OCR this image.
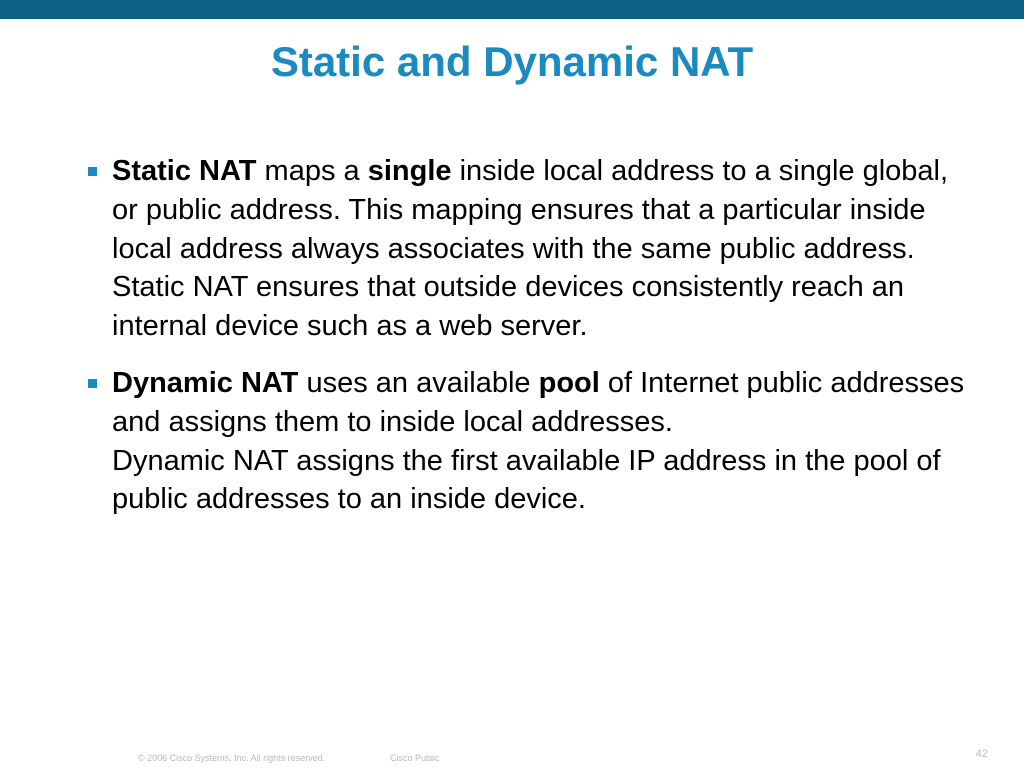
Static and Dynamic NAT
Static NAT maps a single inside local address to a single global, or public address. This mapping ensures that a particular inside local address always associates with the same public address.
Static NAT ensures that outside devices consistently reach an internal device such as a web server.
Dynamic NAT uses an available pool of Internet public addresses and assigns them to inside local addresses.
Dynamic NAT assigns the first available IP address in the pool of public addresses to an inside device.
© 2006 Cisco Systems, Inc. All rights reserved.	Cisco Public	42
